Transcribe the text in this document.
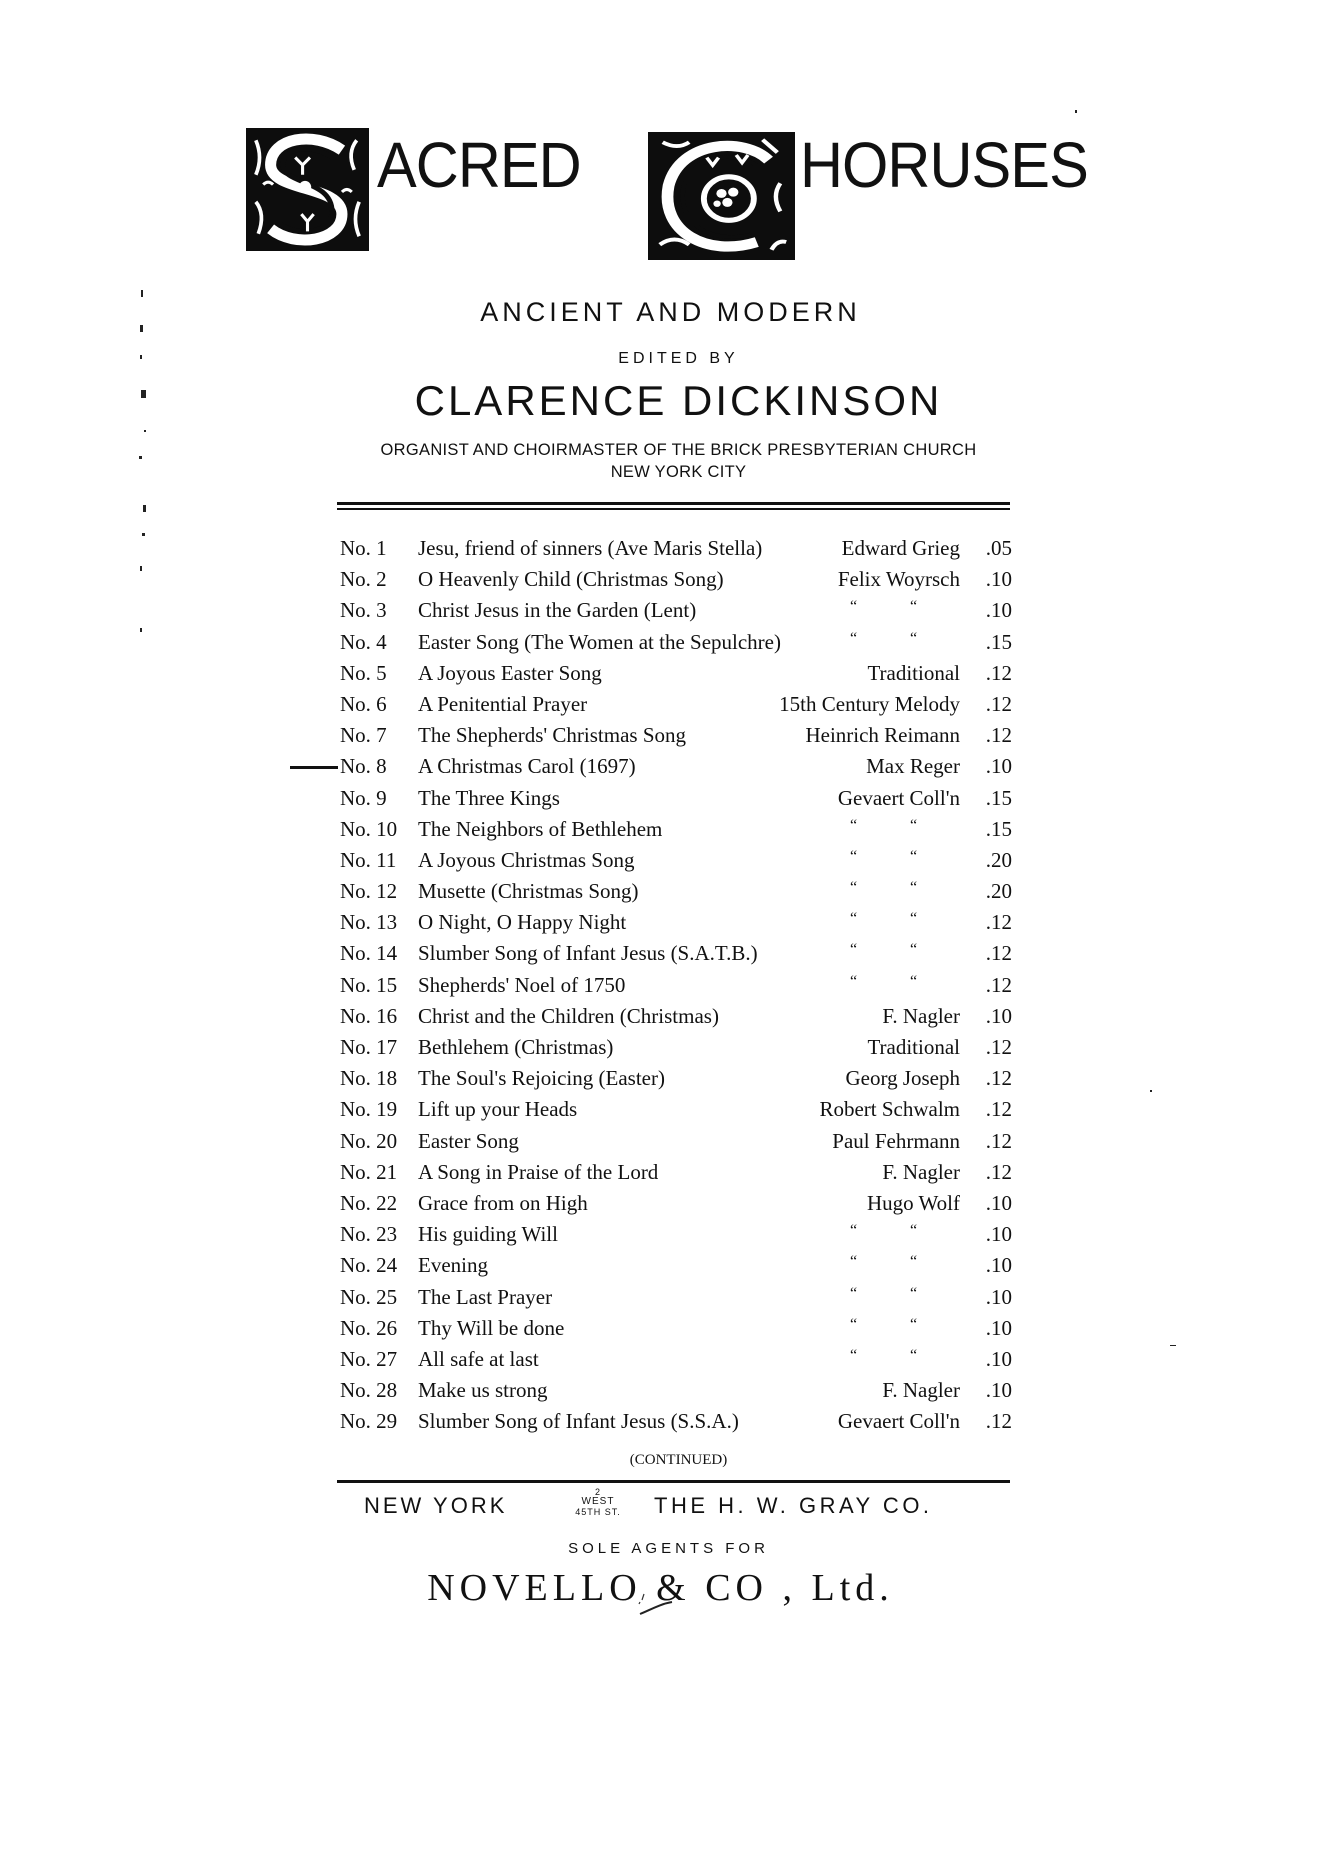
ACRED	HORUSES
ANCIENT AND MODERN
EDITED BY
CLARENCE DICKINSON
ORGANIST AND CHOIRMASTER OF THE BRICK PRESBYTERIAN CHURCH
NEW YORK CITY
No. 1 Jesu, friend of sinners (Ave Maris Stella)	Edward Grieg	.05
No. 2 O Heavenly Child (Christmas Song)	Felix Woyrsch	.10
No. 3 Christ Jesus in the Garden (Lent)	“	“	.10
No. 4 Easter Song (The Women at the Sepulchre)	“	“	.15
No. 5 A Joyous Easter Song	Traditional	.12
No. 6 A Penitential Prayer	15th Century Melody	.12
No. 7 The Shepherds' Christmas Song	Heinrich Reimann	.12
No. 8 A Christmas Carol (1697)	Max Reger	.10
No. 9 The Three Kings	Gevaert Coll'n	.15
No. 10 The Neighbors of Bethlehem	“	“	.15
No. 11 A Joyous Christmas Song	“	“	.20
No. 12 Musette (Christmas Song)	“	“	.20
No. 13 O Night, O Happy Night	“	“	.12
No. 14 Slumber Song of Infant Jesus (S.A.T.B.)	“	“	.12
No. 15 Shepherds' Noel of 1750	“	“	.12
No. 16 Christ and the Children (Christmas)	F. Nagler	.10
No. 17 Bethlehem (Christmas)	Traditional	.12
No. 18 The Soul's Rejoicing (Easter)	Georg Joseph	.12
No. 19 Lift up your Heads	Robert Schwalm	.12
No. 20 Easter Song	Paul Fehrmann	.12
No. 21 A Song in Praise of the Lord	F. Nagler	.12
No. 22 Grace from on High	Hugo Wolf	.10
No. 23 His guiding Will	“	“	.10
No. 24 Evening	“	“	.10
No. 25 The Last Prayer	“	“	.10
No. 26 Thy Will be done	“	“	.10
No. 27 All safe at last	“	“	.10
No. 28 Make us strong	F. Nagler	.10
No. 29 Slumber Song of Infant Jesus (S.S.A.)	Gevaert Coll'n	.12
(CONTINUED)
NEW YORK
2
WEST
45TH ST.	THE H. W. GRAY CO.
SOLE AGENTS FOR
NOVELLO & CO , Ltd.
